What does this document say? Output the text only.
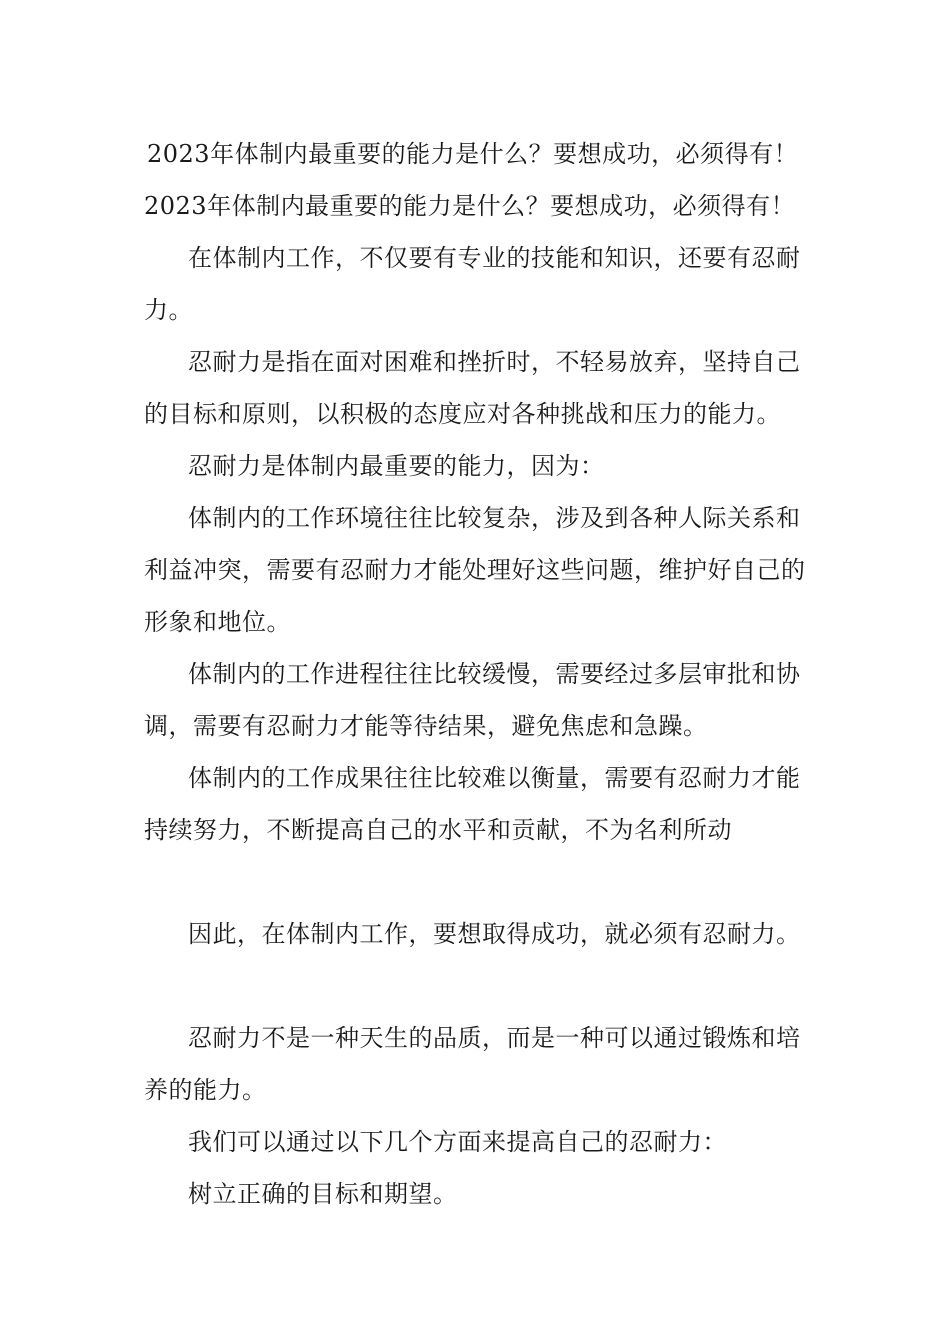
2023年体制内最重要的能力是什么？要想成功，必须得有！

2023年体制内最重要的能力是什么？要想成功，必须得有！

在体制内工作，不仅要有专业的技能和知识，还要有忍耐力。

忍耐力是指在面对困难和挫折时，不轻易放弃，坚持自己的目标和原则，以积极的态度应对各种挑战和压力的能力。

忍耐力是体制内最重要的能力，因为：

体制内的工作环境往往比较复杂，涉及到各种人际关系和利益冲突，需要有忍耐力才能处理好这些问题，维护好自己的形象和地位。

体制内的工作进程往往比较缓慢，需要经过多层审批和协调，需要有忍耐力才能等待结果，避免焦虑和急躁。

体制内的工作成果往往比较难以衡量，需要有忍耐力才能持续努力，不断提高自己的水平和贡献，不为名利所动

因此，在体制内工作，要想取得成功，就必须有忍耐力。

忍耐力不是一种天生的品质，而是一种可以通过锻炼和培养的能力。

我们可以通过以下几个方面来提高自己的忍耐力：

树立正确的目标和期望。
